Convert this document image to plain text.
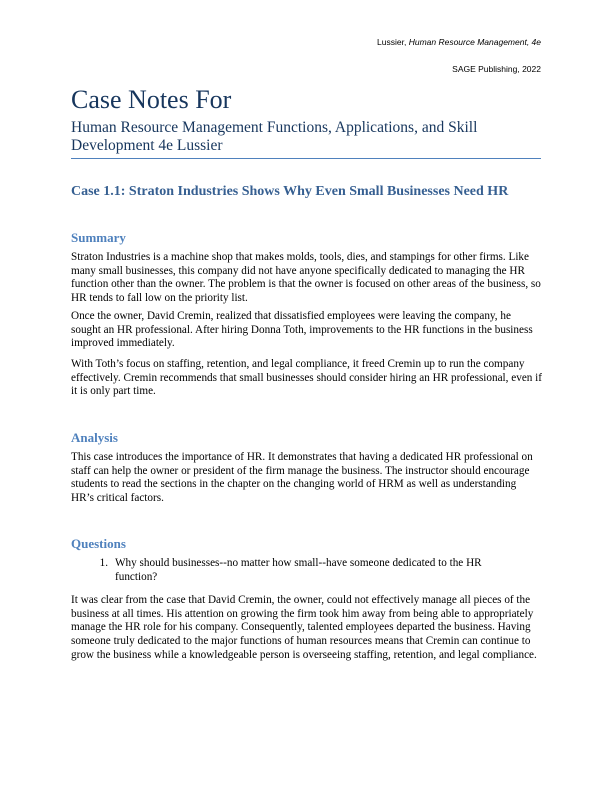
Lussier, Human Resource Management, 4e
SAGE Publishing, 2022
Case Notes For
Human Resource Management Functions, Applications, and Skill Development 4e Lussier
Case 1.1: Straton Industries Shows Why Even Small Businesses Need HR
Summary

Straton Industries is a machine shop that makes molds, tools, dies, and stampings for other firms. Like many small businesses, this company did not have anyone specifically dedicated to managing the HR function other than the owner. The problem is that the owner is focused on other areas of the business, so HR tends to fall low on the priority list.

Once the owner, David Cremin, realized that dissatisfied employees were leaving the company, he sought an HR professional. After hiring Donna Toth, improvements to the HR functions in the business improved immediately.

With Toth’s focus on staffing, retention, and legal compliance, it freed Cremin up to run the company effectively. Cremin recommends that small businesses should consider hiring an HR professional, even if it is only part time.

Analysis

This case introduces the importance of HR. It demonstrates that having a dedicated HR professional on staff can help the owner or president of the firm manage the business. The instructor should encourage students to read the sections in the chapter on the changing world of HRM as well as understanding HR’s critical factors.

Questions
1. Why should businesses--no matter how small--have someone dedicated to the HR function?

It was clear from the case that David Cremin, the owner, could not effectively manage all pieces of the business at all times. His attention on growing the firm took him away from being able to appropriately manage the HR role for his company. Consequently, talented employees departed the business. Having someone truly dedicated to the major functions of human resources means that Cremin can continue to grow the business while a knowledgeable person is overseeing staffing, retention, and legal compliance.
